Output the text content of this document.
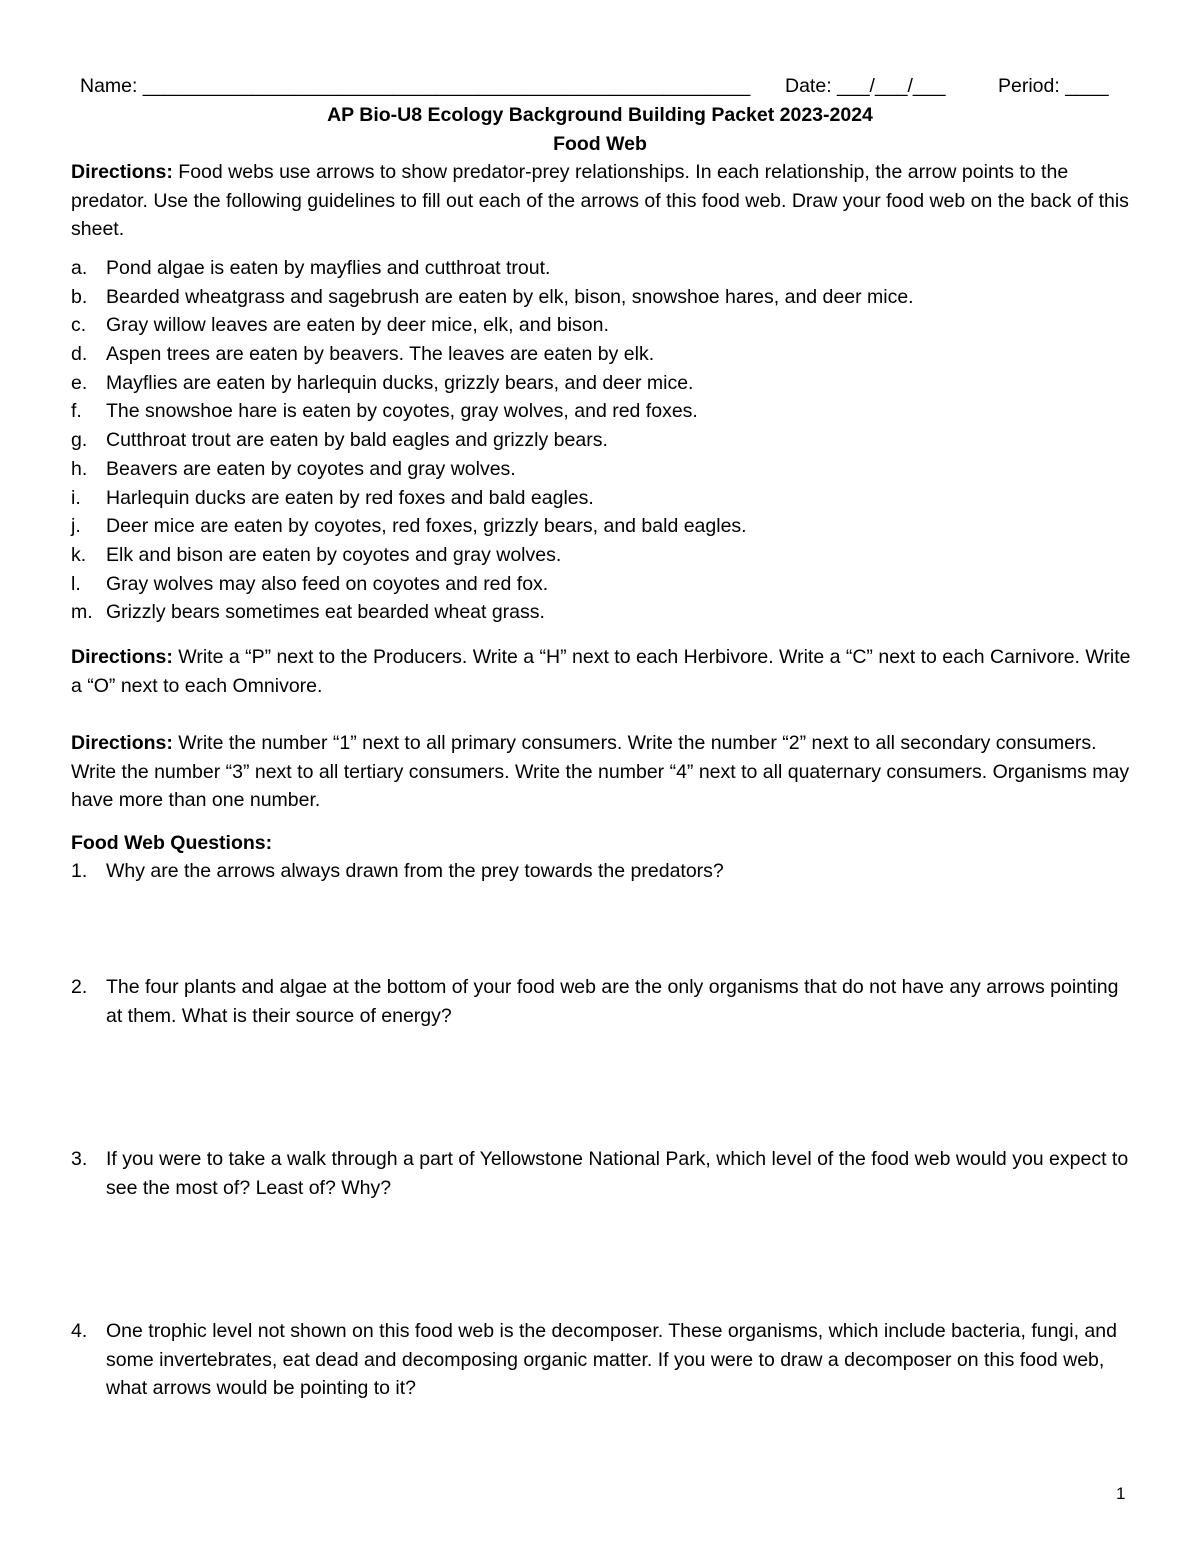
Name: ________________________________________________________ Date: ___/___/___	Period: ____
AP Bio-U8 Ecology Background Building Packet 2023-2024
Food Web
Directions: Food webs use arrows to show predator-prey relationships. In each relationship, the arrow points to the predator. Use the following guidelines to fill out each of the arrows of this food web. Draw your food web on the back of this sheet.
a. Pond algae is eaten by mayflies and cutthroat trout.
b. Bearded wheatgrass and sagebrush are eaten by elk, bison, snowshoe hares, and deer mice.
c. Gray willow leaves are eaten by deer mice, elk, and bison.
d. Aspen trees are eaten by beavers. The leaves are eaten by elk.
e. Mayflies are eaten by harlequin ducks, grizzly bears, and deer mice.
f. The snowshoe hare is eaten by coyotes, gray wolves, and red foxes.
g. Cutthroat trout are eaten by bald eagles and grizzly bears.
h. Beavers are eaten by coyotes and gray wolves.
i. Harlequin ducks are eaten by red foxes and bald eagles.
j. Deer mice are eaten by coyotes, red foxes, grizzly bears, and bald eagles.
k. Elk and bison are eaten by coyotes and gray wolves.
l. Gray wolves may also feed on coyotes and red fox.
m. Grizzly bears sometimes eat bearded wheat grass.
Directions: Write a “P” next to the Producers. Write a “H” next to each Herbivore. Write a “C” next to each Carnivore. Write a “O” next to each Omnivore.
Directions: Write the number “1” next to all primary consumers. Write the number “2” next to all secondary consumers. Write the number “3” next to all tertiary consumers. Write the number “4” next to all quaternary consumers. Organisms may have more than one number.
Food Web Questions:
1. Why are the arrows always drawn from the prey towards the predators?
2. The four plants and algae at the bottom of your food web are the only organisms that do not have any arrows pointing at them. What is their source of energy?
3. If you were to take a walk through a part of Yellowstone National Park, which level of the food web would you expect to see the most of? Least of? Why?
4. One trophic level not shown on this food web is the decomposer. These organisms, which include bacteria, fungi, and some invertebrates, eat dead and decomposing organic matter. If you were to draw a decomposer on this food web, what arrows would be pointing to it?
1
